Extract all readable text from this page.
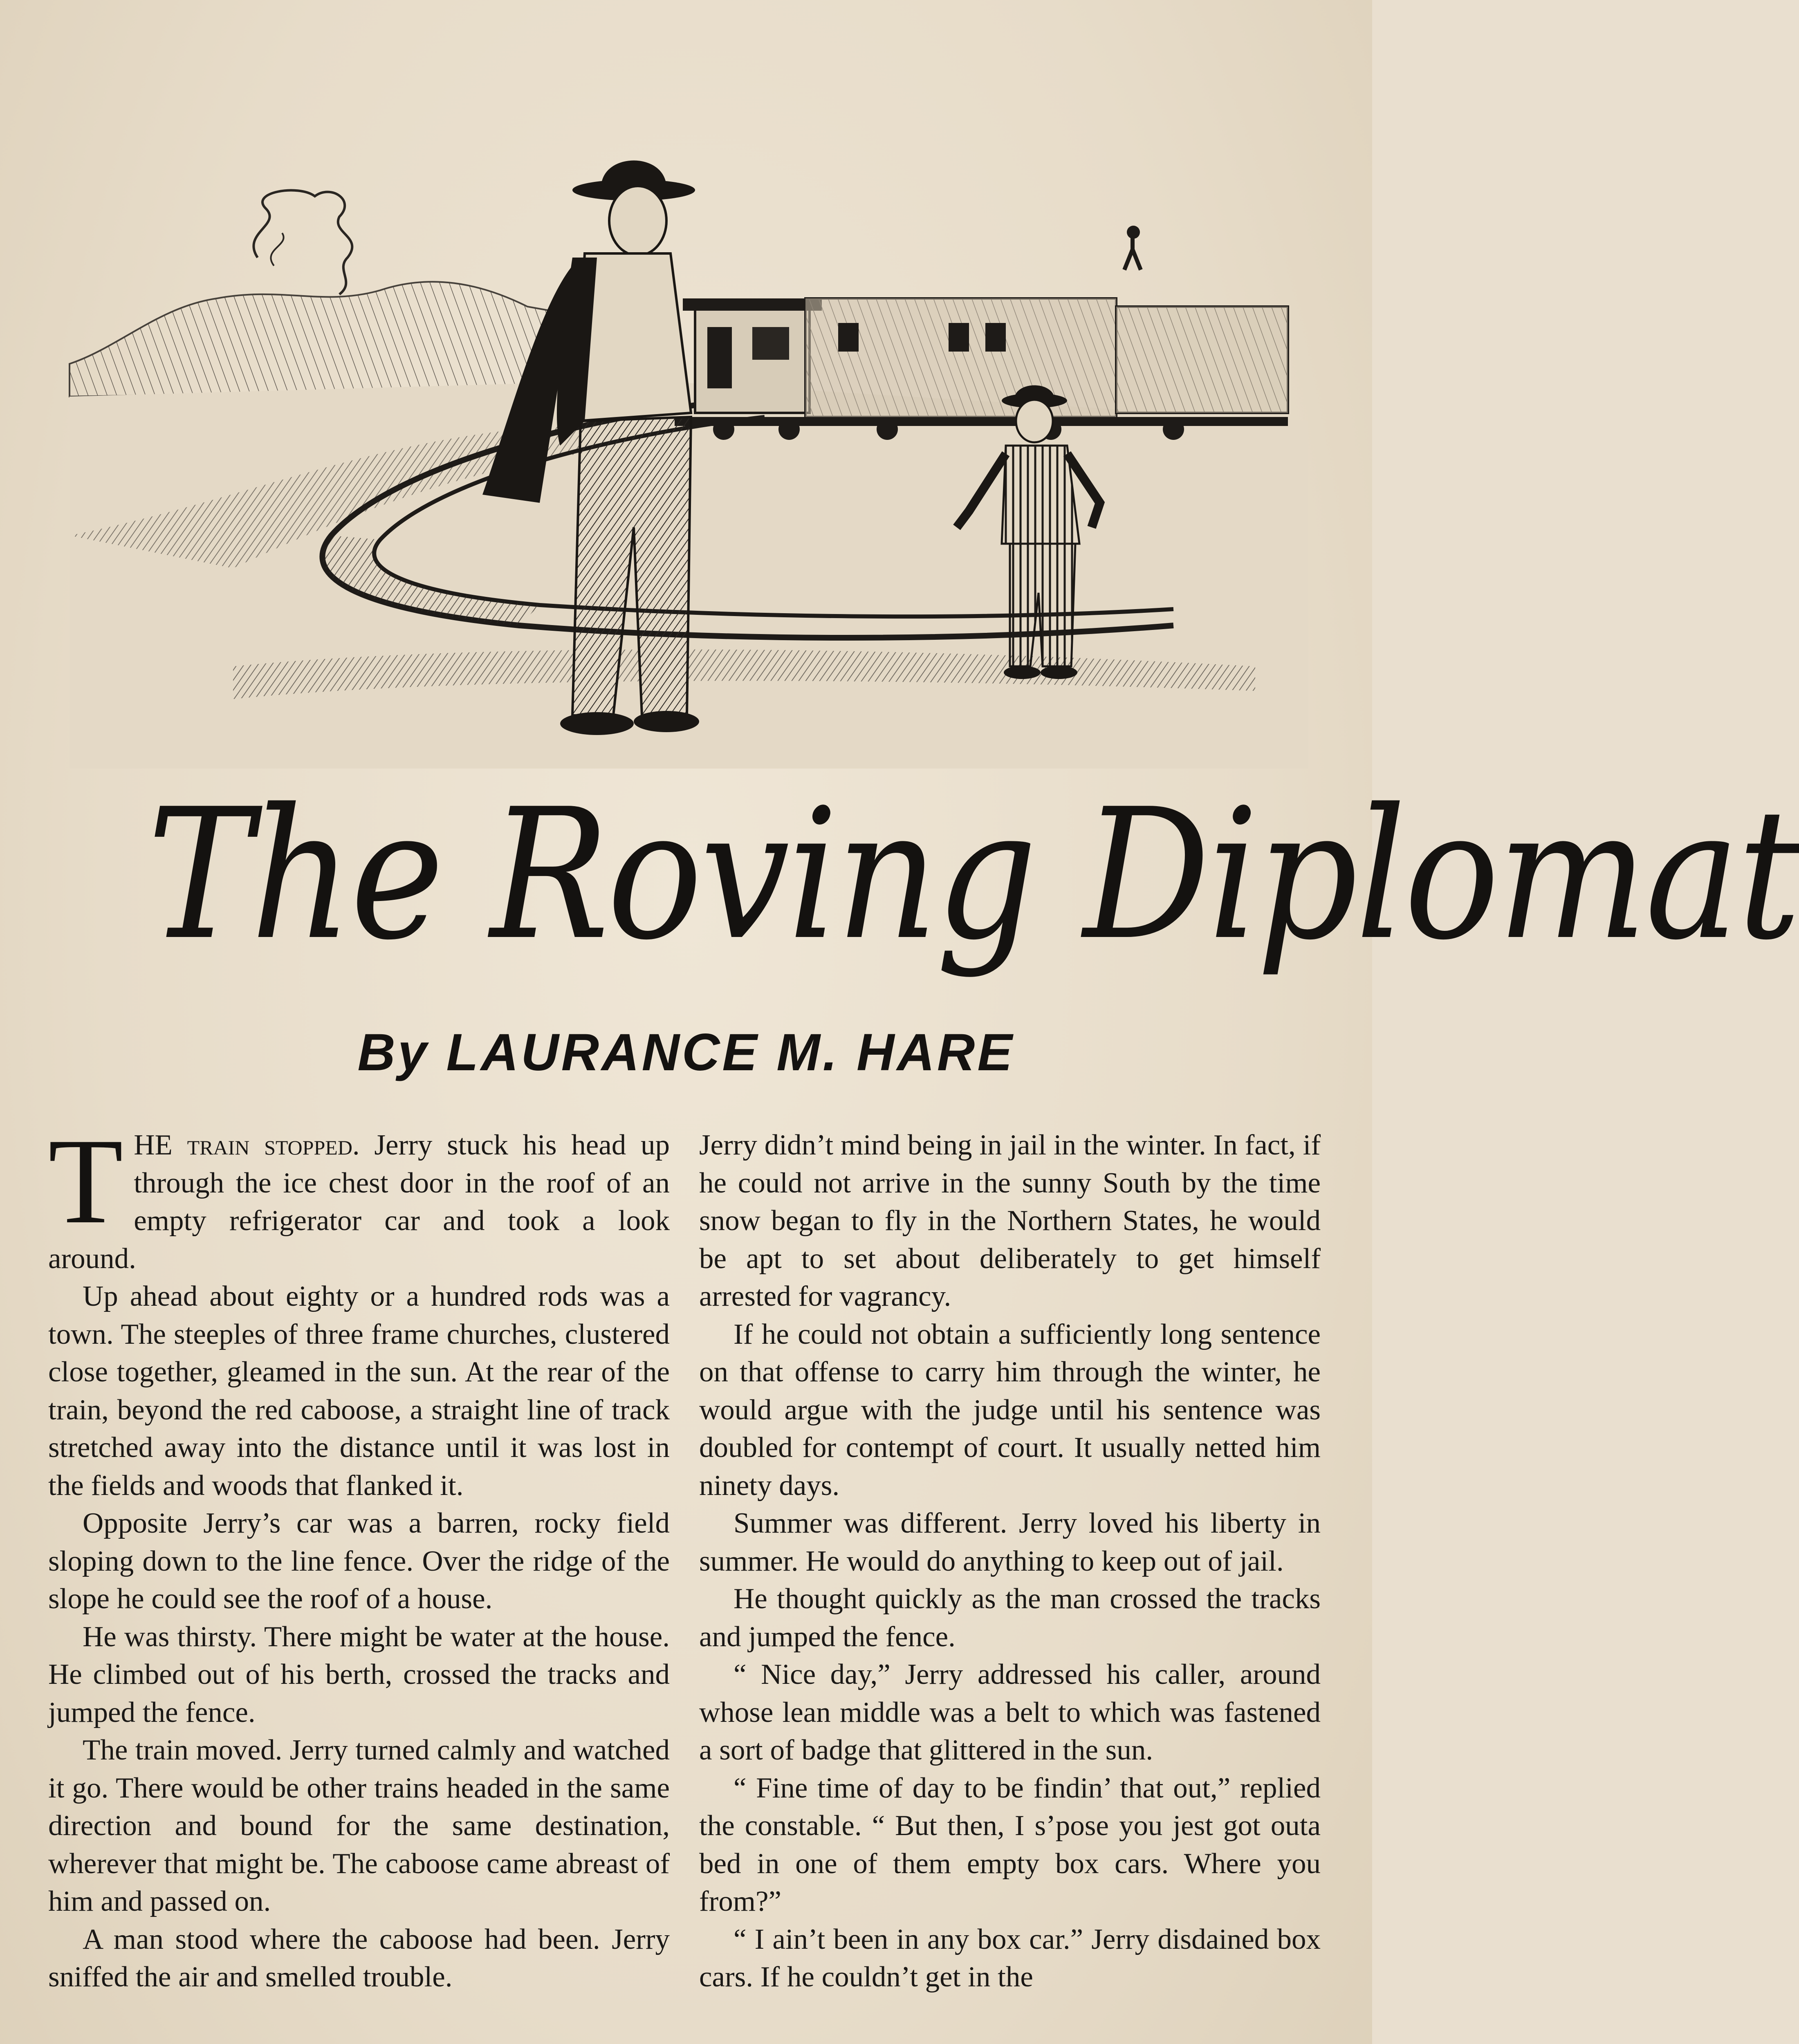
The Roving Diplomat
By LAURANCE M. HARE

THE train stopped. Jerry stuck his head up through the ice chest door in the roof of an empty refrigerator car and took a look around.

Up ahead about eighty or a hundred rods was a town. The steeples of three frame churches, clustered close together, gleamed in the sun. At the rear of the train, beyond the red caboose, a straight line of track stretched away into the distance until it was lost in the fields and woods that flanked it.

Opposite Jerry’s car was a barren, rocky field sloping down to the line fence. Over the ridge of the slope he could see the roof of a house.

He was thirsty. There might be water at the house. He climbed out of his berth, crossed the tracks and jumped the fence.

The train moved. Jerry turned calmly and watched it go. There would be other trains headed in the same direction and bound for the same destination, wherever that might be. The caboose came abreast of him and passed on.

A man stood where the caboose had been. Jerry sniffed the air and smelled trouble.

Jerry didn’t mind being in jail in the winter. In fact, if he could not arrive in the sunny South by the time snow began to fly in the Northern States, he would be apt to set about deliberately to get himself arrested for vagrancy.

If he could not obtain a sufficiently long sentence on that offense to carry him through the winter, he would argue with the judge until his sentence was doubled for contempt of court. It usually netted him ninety days.

Summer was different. Jerry loved his liberty in summer. He would do anything to keep out of jail.

He thought quickly as the man crossed the tracks and jumped the fence.

“ Nice day,” Jerry addressed his caller, around whose lean middle was a belt to which was fastened a sort of badge that glittered in the sun.

“ Fine time of day to be findin’ that out,” replied the constable. “ But then, I s’pose you jest got outa bed in one of them empty box cars. Where you from?”

“ I ain’t been in any box car.” Jerry disdained box cars. If he couldn’t get in the
